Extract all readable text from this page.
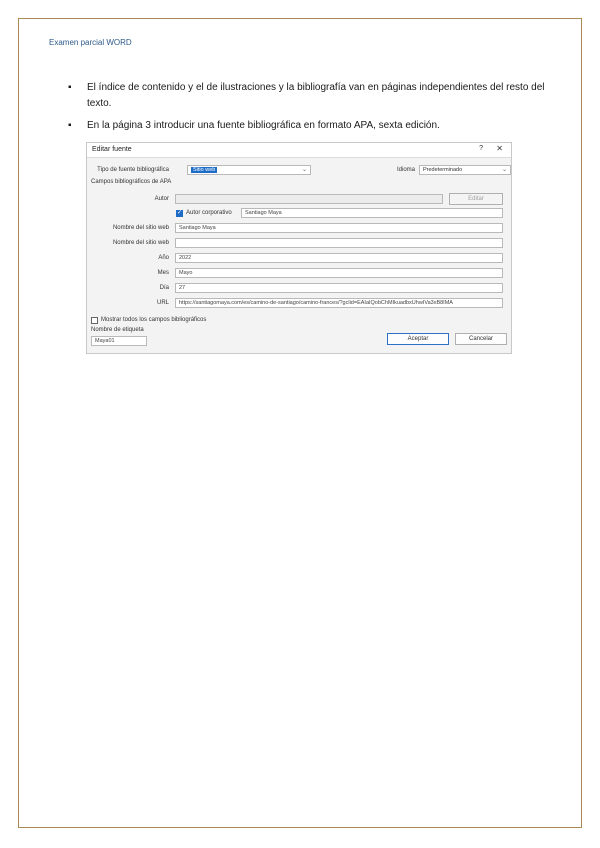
Examen parcial WORD
▪ El índice de contenido y el de ilustraciones y la bibliografía van en páginas independientes del resto del texto.
▪ En la página 3 introducir una fuente bibliográfica en formato APA, sexta edición.
Editar fuente	? ✕
Tipo de fuente bibliográfica	Sitio web	⌄	Idioma	Predeterminado	⌄
Campos bibliográficos de APA
Autor	Editar
✓
Autor corporativo	Santiago Maya
Nombre del sitio web	Santiago Maya
Nombre del sitio web
Año	2022
Mes	Mayo
Día	27
URL	https://santiagomaya.com/es/camino-de-santiago/camino-frances/?gclid=EAIaIQobChMIkuadbxUhwIVa3xB8IMA
Mostrar todos los campos bibliográficos
Nombre de etiqueta
Maya01	Aceptar	Cancelar
